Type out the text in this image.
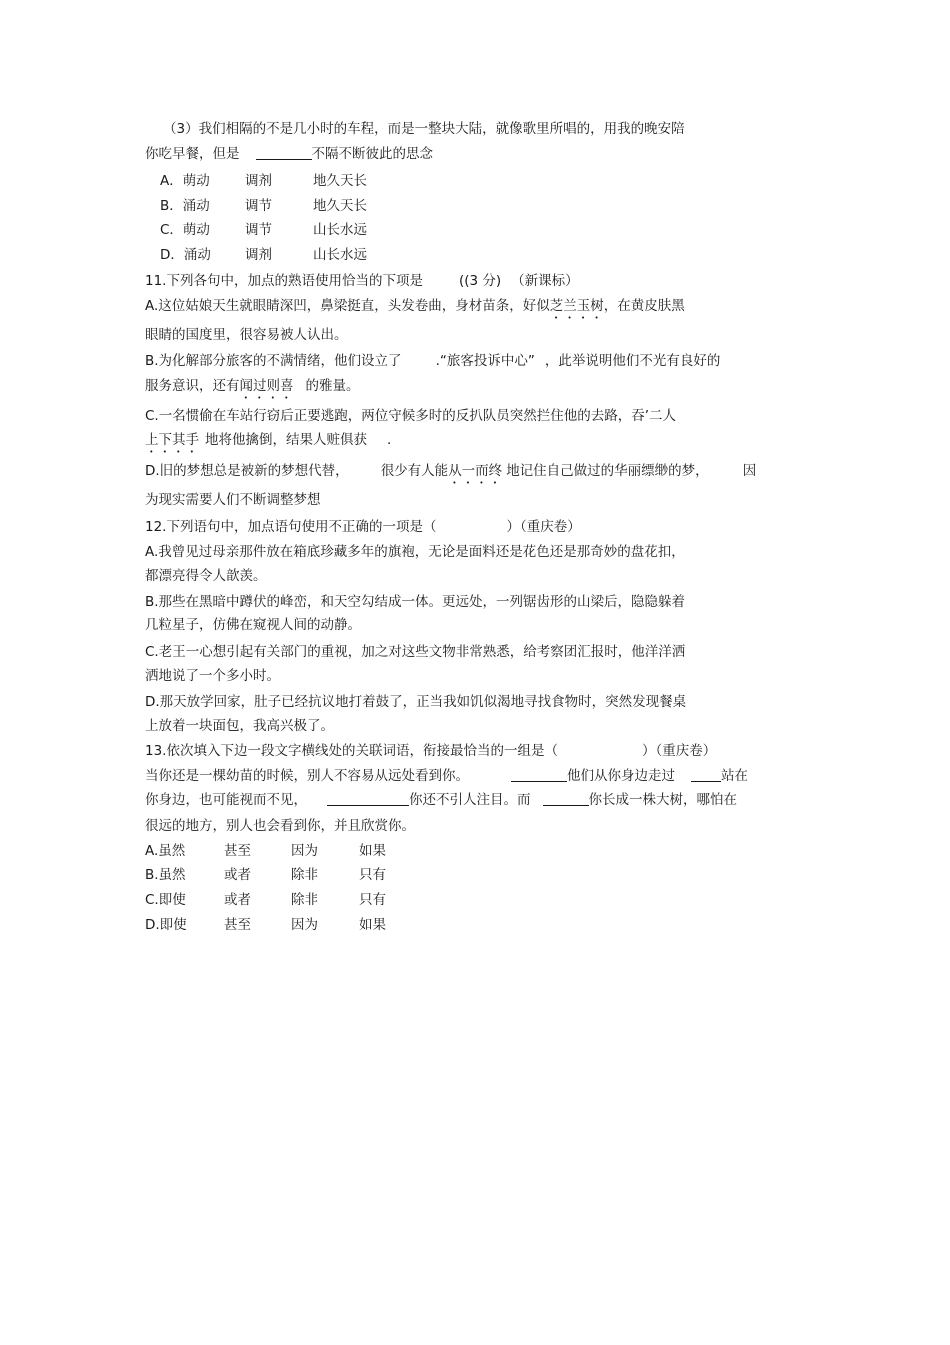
（3）我们相隔的不是几小时的车程，而是一整块大陆，就像歌里所唱的，用我的晚安陪
你吃早餐，但是	不隔不断彼此的思念
A．萌动	调剂	地久天长
B．涌动	调节	地久天长
C．萌动	调节	山长水远
D．涌动	调剂	山长水远
11.下列各句中，加点的熟语使用恰当的下项是	((3 分) （新课标）
A.这位姑娘天生就眼睛深凹，鼻梁挺直，头发卷曲，身材苗条，好似芝兰玉树，在黄皮肤黑
眼睛的国度里，很容易被人认出。
B.为化解部分旅客的不满情绪，他们设立了	.“旅客投诉中心” ，此举说明他们不光有良好的
服务意识，还有闻过则喜 的雅量。
C.一名惯偷在车站行窃后正要逃跑，两位守候多时的反扒队员突然拦住他的去路，吞’二人
上下其手 地将他擒倒，结果人赃俱获 .
D.旧的梦想总是被新的梦想代替， 很少有人能从一而终 地记住自己做过的华丽缥缈的梦，	因
为现实需要人们不断调整梦想
12.下列语句中，加点语句使用不正确的一项是（	）（重庆卷）
A.我曾见过母亲那件放在箱底珍藏多年的旗袍，无论是面料还是花色还是那奇妙的盘花扣，
都漂亮得令人歆羡。
B.那些在黑暗中蹲伏的峰峦，和天空勾结成一体。更远处，一列锯齿形的山梁后，隐隐躲着
几粒星子，仿佛在窥视人间的动静。
C.老王一心想引起有关部门的重视，加之对这些文物非常熟悉，给考察团汇报时，他洋洋洒
洒地说了一个多小时。
D.那天放学回家，肚子已经抗议地打着鼓了，正当我如饥似渴地寻找食物时，突然发现餐桌
上放着一块面包，我高兴极了。
13.依次填入下边一段文字横线处的关联词语，衔接最恰当的一组是（	）（重庆卷）
当你还是一棵幼苗的时候，别人不容易从远处看到你。	他们从你身边走过	站在
你身边，也可能视而不见，	你还不引人注目。而	你长成一株大树，哪怕在
很远的地方，别人也会看到你，并且欣赏你。
A.虽然	甚至	因为	如果
B.虽然	或者	除非	只有
C.即使	或者	除非	只有
D.即使	甚至	因为	如果
